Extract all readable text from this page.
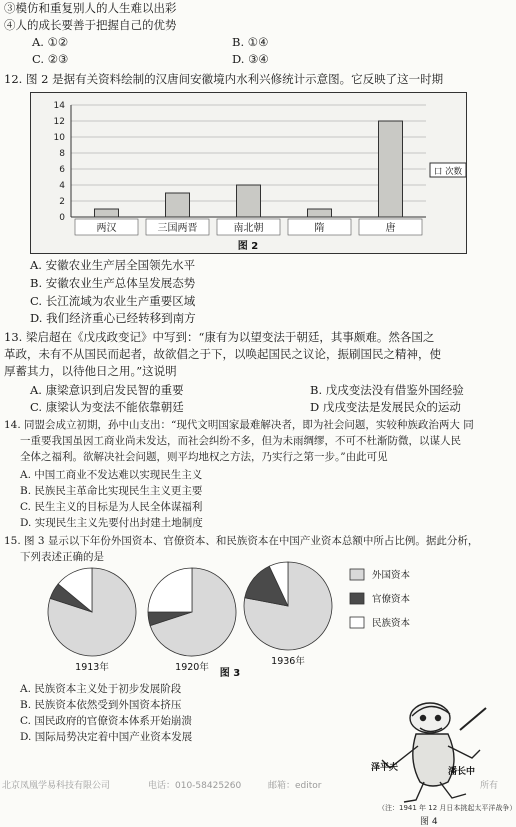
③模仿和重复别人的人生难以出彩
④人的成长要善于把握自己的优势
A. ①②	B. ①④
C. ②③	D. ③④
12. 图 2 是据有关资料绘制的汉唐间安徽境内水利兴修统计示意图。它反映了这一时期
0
2
4
6
8
10
12
14
两汉	三国两晋	南北朝	隋	唐
口 次数
图 2
A. 安徽农业生产居全国领先水平
B. 安徽农业生产总体呈发展态势
C. 长江流域为农业生产重要区域
D. 我们经济重心已经转移到南方
13. 梁启超在《戊戌政变记》中写到：“康有为以望变法于朝廷，其事颇难。然各国之
革政，未有不从国民而起者，故欲倡之于下，以唤起国民之议论，振刷国民之精神，使
厚蓄其力，以待他日之用。”这说明
A. 康梁意识到启发民智的重要	B. 戊戌变法没有借鉴外国经验
C. 康梁认为变法不能依靠朝廷	D 戊戌变法是发展民众的运动
14. 同盟会成立初期，孙中山支出：“现代文明国家最难解决者，即为社会问题，实较种族政治两大 同
一重要我国虽因工商业尚未发达，而社会纠纷不多，但为未雨绸缪，不可不杜渐防微，以谋人民
全体之福利。欲解决社会问题，则平均地权之方法，乃实行之第一步。”由此可见
A. 中国工商业不发达难以实现民生主义
B. 民族民主革命比实现民生主义更主要
C. 民生主义的目标是为人民全体谋福利
D. 实现民生主义先要付出封建土地制度
15. 图 3 显示以下年份外国资本、官僚资本、和民族资本在中国产业资本总额中所占比例。据此分析，
下列表述正确的是
1913年	1920年
1936年
外国资本
官僚资本
民族资本
图 3
A. 民族资本主义处于初步发展阶段
B. 民族资本依然受到外国资本挤压
C. 国民政府的官僚资本体系开始崩溃
D. 国际局势决定着中国产业资本发展
泽平夫	潘长中
（注：1941 年 12 月日本挑起太平洋战争）
图 4
北京凤凰学易科技有限公司	电话：010-58425260	邮箱：editor	所有
